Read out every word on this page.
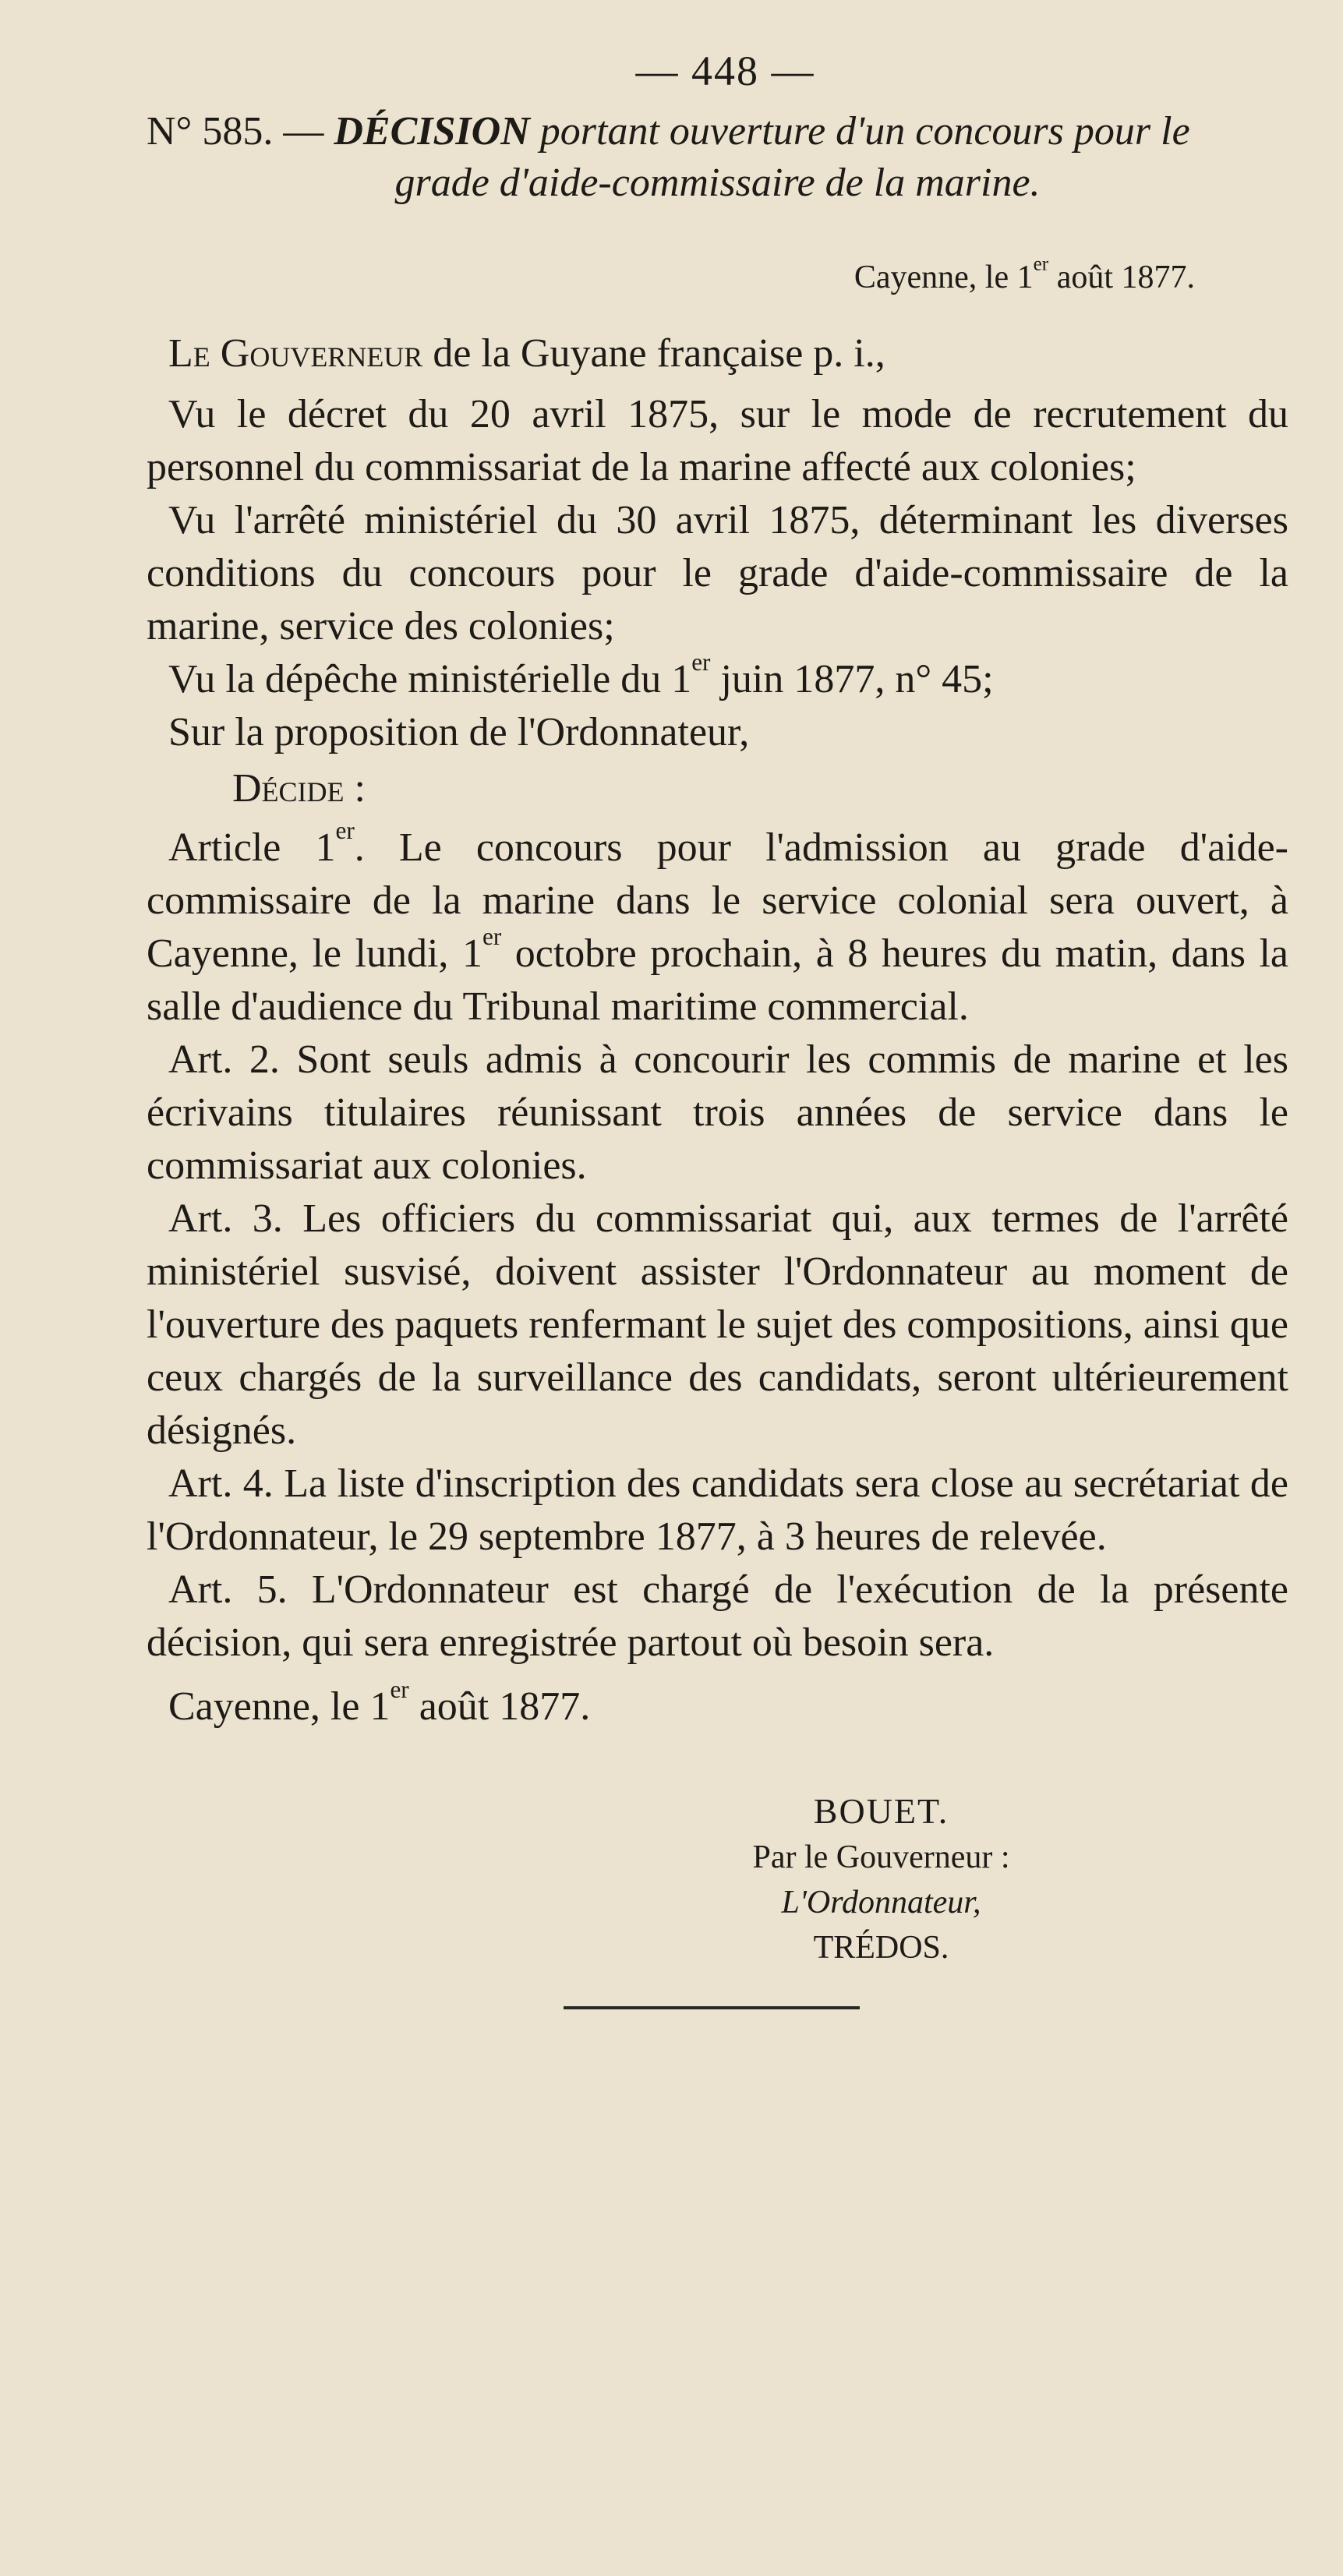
— 448 —

N° 585. — DÉCISION portant ouverture d'un concours pour le

grade d'aide-commissaire de la marine.

Cayenne, le 1er août 1877.

Le Gouverneur de la Guyane française p. i.,

Vu le décret du 20 avril 1875, sur le mode de recrutement du personnel du commissariat de la marine affecté aux colonies;

Vu l'arrêté ministériel du 30 avril 1875, déterminant les diverses conditions du concours pour le grade d'aide-commissaire de la marine, service des colonies;

Vu la dépêche ministérielle du 1er juin 1877, n° 45;

Sur la proposition de l'Ordonnateur,

Décide :

Article 1er. Le concours pour l'admission au grade d'aide-commissaire de la marine dans le service colonial sera ouvert, à Cayenne, le lundi, 1er octobre prochain, à 8 heures du matin, dans la salle d'audience du Tribunal maritime commercial.

Art. 2. Sont seuls admis à concourir les commis de marine et les écrivains titulaires réunissant trois années de service dans le commissariat aux colonies.

Art. 3. Les officiers du commissariat qui, aux termes de l'arrêté ministériel susvisé, doivent assister l'Ordonnateur au moment de l'ouverture des paquets renfermant le sujet des compositions, ainsi que ceux chargés de la surveillance des candidats, seront ultérieurement désignés.

Art. 4. La liste d'inscription des candidats sera close au secrétariat de l'Ordonnateur, le 29 septembre 1877, à 3 heures de relevée.

Art. 5. L'Ordonnateur est chargé de l'exécution de la présente décision, qui sera enregistrée partout où besoin sera.

Cayenne, le 1er août 1877.

BOUET.
Par le Gouverneur :
L'Ordonnateur,
TRÉDOS.
